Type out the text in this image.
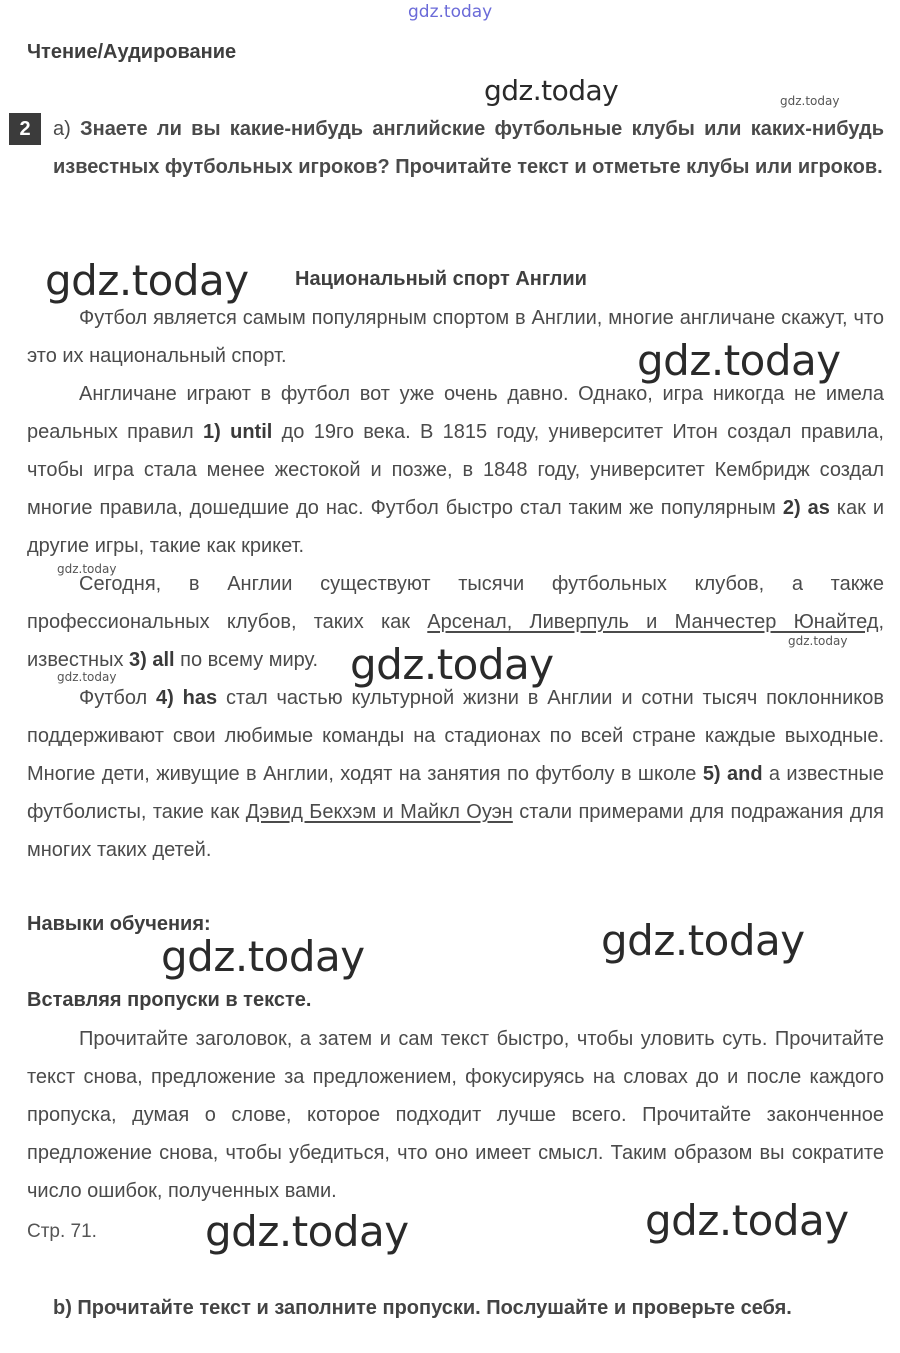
gdz.today
gdz.today	gdz.today
gdz.today
gdz.today
gdz.today
gdz.today
gdz.today	gdz.today
gdz.today	gdz.today
gdz.today	gdz.today
Чтение/Аудирование
2	a) Знаете ли вы какие-нибудь английские футбольные клубы или каких-нибудь известных футбольных игроков? Прочитайте текст и отметьте клубы или игроков.
Национальный спорт Англии
Футбол является самым популярным спортом в Англии, многие англичане скажут, что это их национальный спорт.
Англичане играют в футбол вот уже очень давно. Однако, игра никогда не имела реальных правил 1) until до 19го века. В 1815 году, университет Итон создал правила, чтобы игра стала менее жестокой и позже, в 1848 году, университет Кембридж создал многие правила, дошедшие до нас. Футбол быстро стал таким же популярным 2) as как и другие игры, такие как крикет.
Сегодня, в Англии существуют тысячи футбольных клубов, а также профессиональных клубов, таких как Арсенал, Ливерпуль и Манчестер Юнайтед, известных 3) all по всему миру.
Футбол 4) has стал частью культурной жизни в Англии и сотни тысяч поклонников поддерживают свои любимые команды на стадионах по всей стране каждые выходные. Многие дети, живущие в Англии, ходят на занятия по футболу в школе 5) and а известные футболисты, такие как Дэвид Бекхэм и Майкл Оуэн стали примерами для подражания для многих таких детей.
Навыки обучения:
Вставляя пропуски в тексте.
Прочитайте заголовок, а затем и сам текст быстро, чтобы уловить суть. Прочитайте текст снова, предложение за предложением, фокусируясь на словах до и после каждого пропуска, думая о слове, которое подходит лучше всего. Прочитайте законченное предложение снова, чтобы убедиться, что оно имеет смысл. Таким образом вы сократите число ошибок, полученных вами.
Стр. 71.
b) Прочитайте текст и заполните пропуски. Послушайте и проверьте себя.
